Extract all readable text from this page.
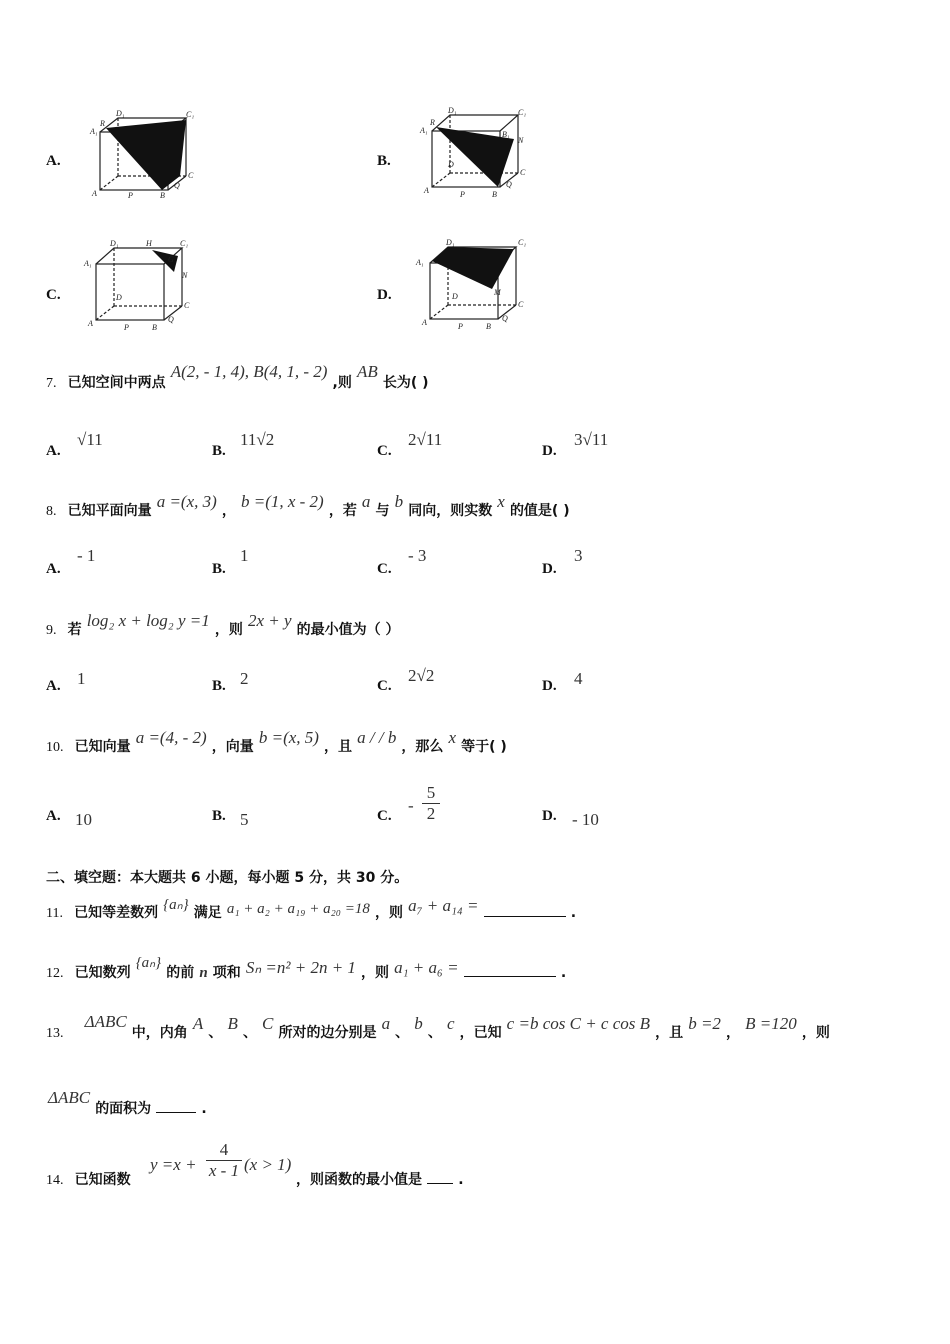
A.
D₁	C₁
A₁
R
C
A	P	B
Q
B.
D₁	C₁
A₁
R
B₁
N
D
C
A	P	B
Q
C.
D₁	H	C₁
A₁	G
N
D
C
A	P	B
Q
D.
D₁	C₁
A₁
M
D
C
A	P	B
Q
7. 已知空间中两点 A(2, - 1, 4), B(4, 1, - 2) ,则 AB 长为( )
A.
√11
B.
11√2
C.
2√11
D.
3√11
8. 已知平面向量 a =(x, 3) ， b =(1, x - 2) ，若 a 与 b 同向，则实数 x 的值是( )
A.
- 1
B.
1
C.
- 3
D.
3
9. 若 log₂ x + log₂ y =1 ，则 2x + y 的最小值为（ ）
A. 1	B. 2	C.
2√2
D. 4
10. 已知向量 a =(4, - 2) ，向量 b =(x, 5) ，且 a / / b ，那么 x 等于( )
A. 10	B. 5	C.
-
5
2	D. - 10
二、填空题：本大题共 6 小题，每小题 5 分，共 30 分。
11. 已知等差数列 {aₙ} 满足 a₁ + a₂ + a₁₉ + a₂₀ =18 ，则 a₇ + a₁₄ =	.
12. 已知数列 {aₙ} 的前 n 项和 Sₙ =n² + 2n + 1 ，则 a₁ + a₆ =	.
13. ΔABC 中，内角 A 、 B 、 C 所对的边分别是 a 、 b 、 c ，已知 c =b cos C + c cos B ，且 b =2 ， B =120 ，则
ΔABC 的面积为	.
14. 已知函数
y =x +
4
x - 1 (x > 1)
，则函数的最小值是	.
